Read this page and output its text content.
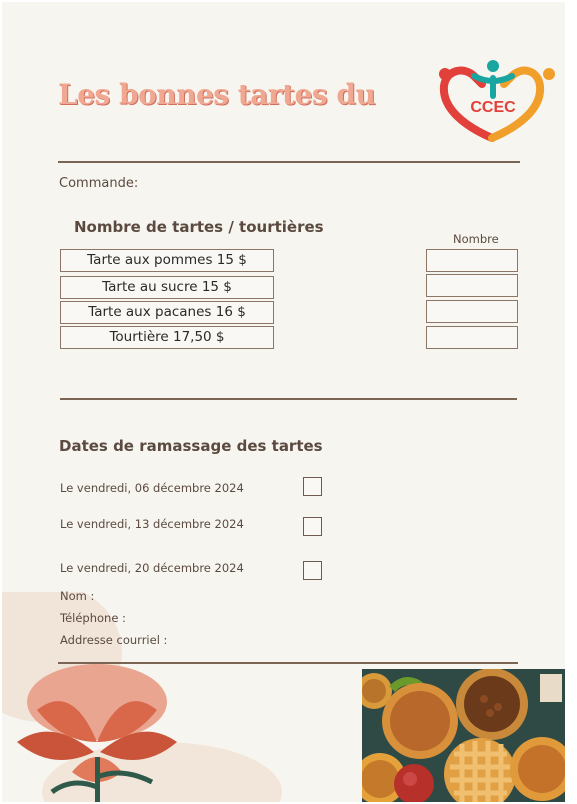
Les bonnes tartes du	CCEC
Commande:
Nombre de tartes / tourtières
Nombre
Tarte aux pommes 15 $
Tarte au sucre 15 $
Tarte aux pacanes 16 $
Tourtière 17,50 $
Dates de ramassage des tartes
Le vendredi, 06 décembre 2024
Le vendredi, 13 décembre 2024
Le vendredi, 20 décembre 2024
Nom :
Téléphone :
Addresse courriel :
